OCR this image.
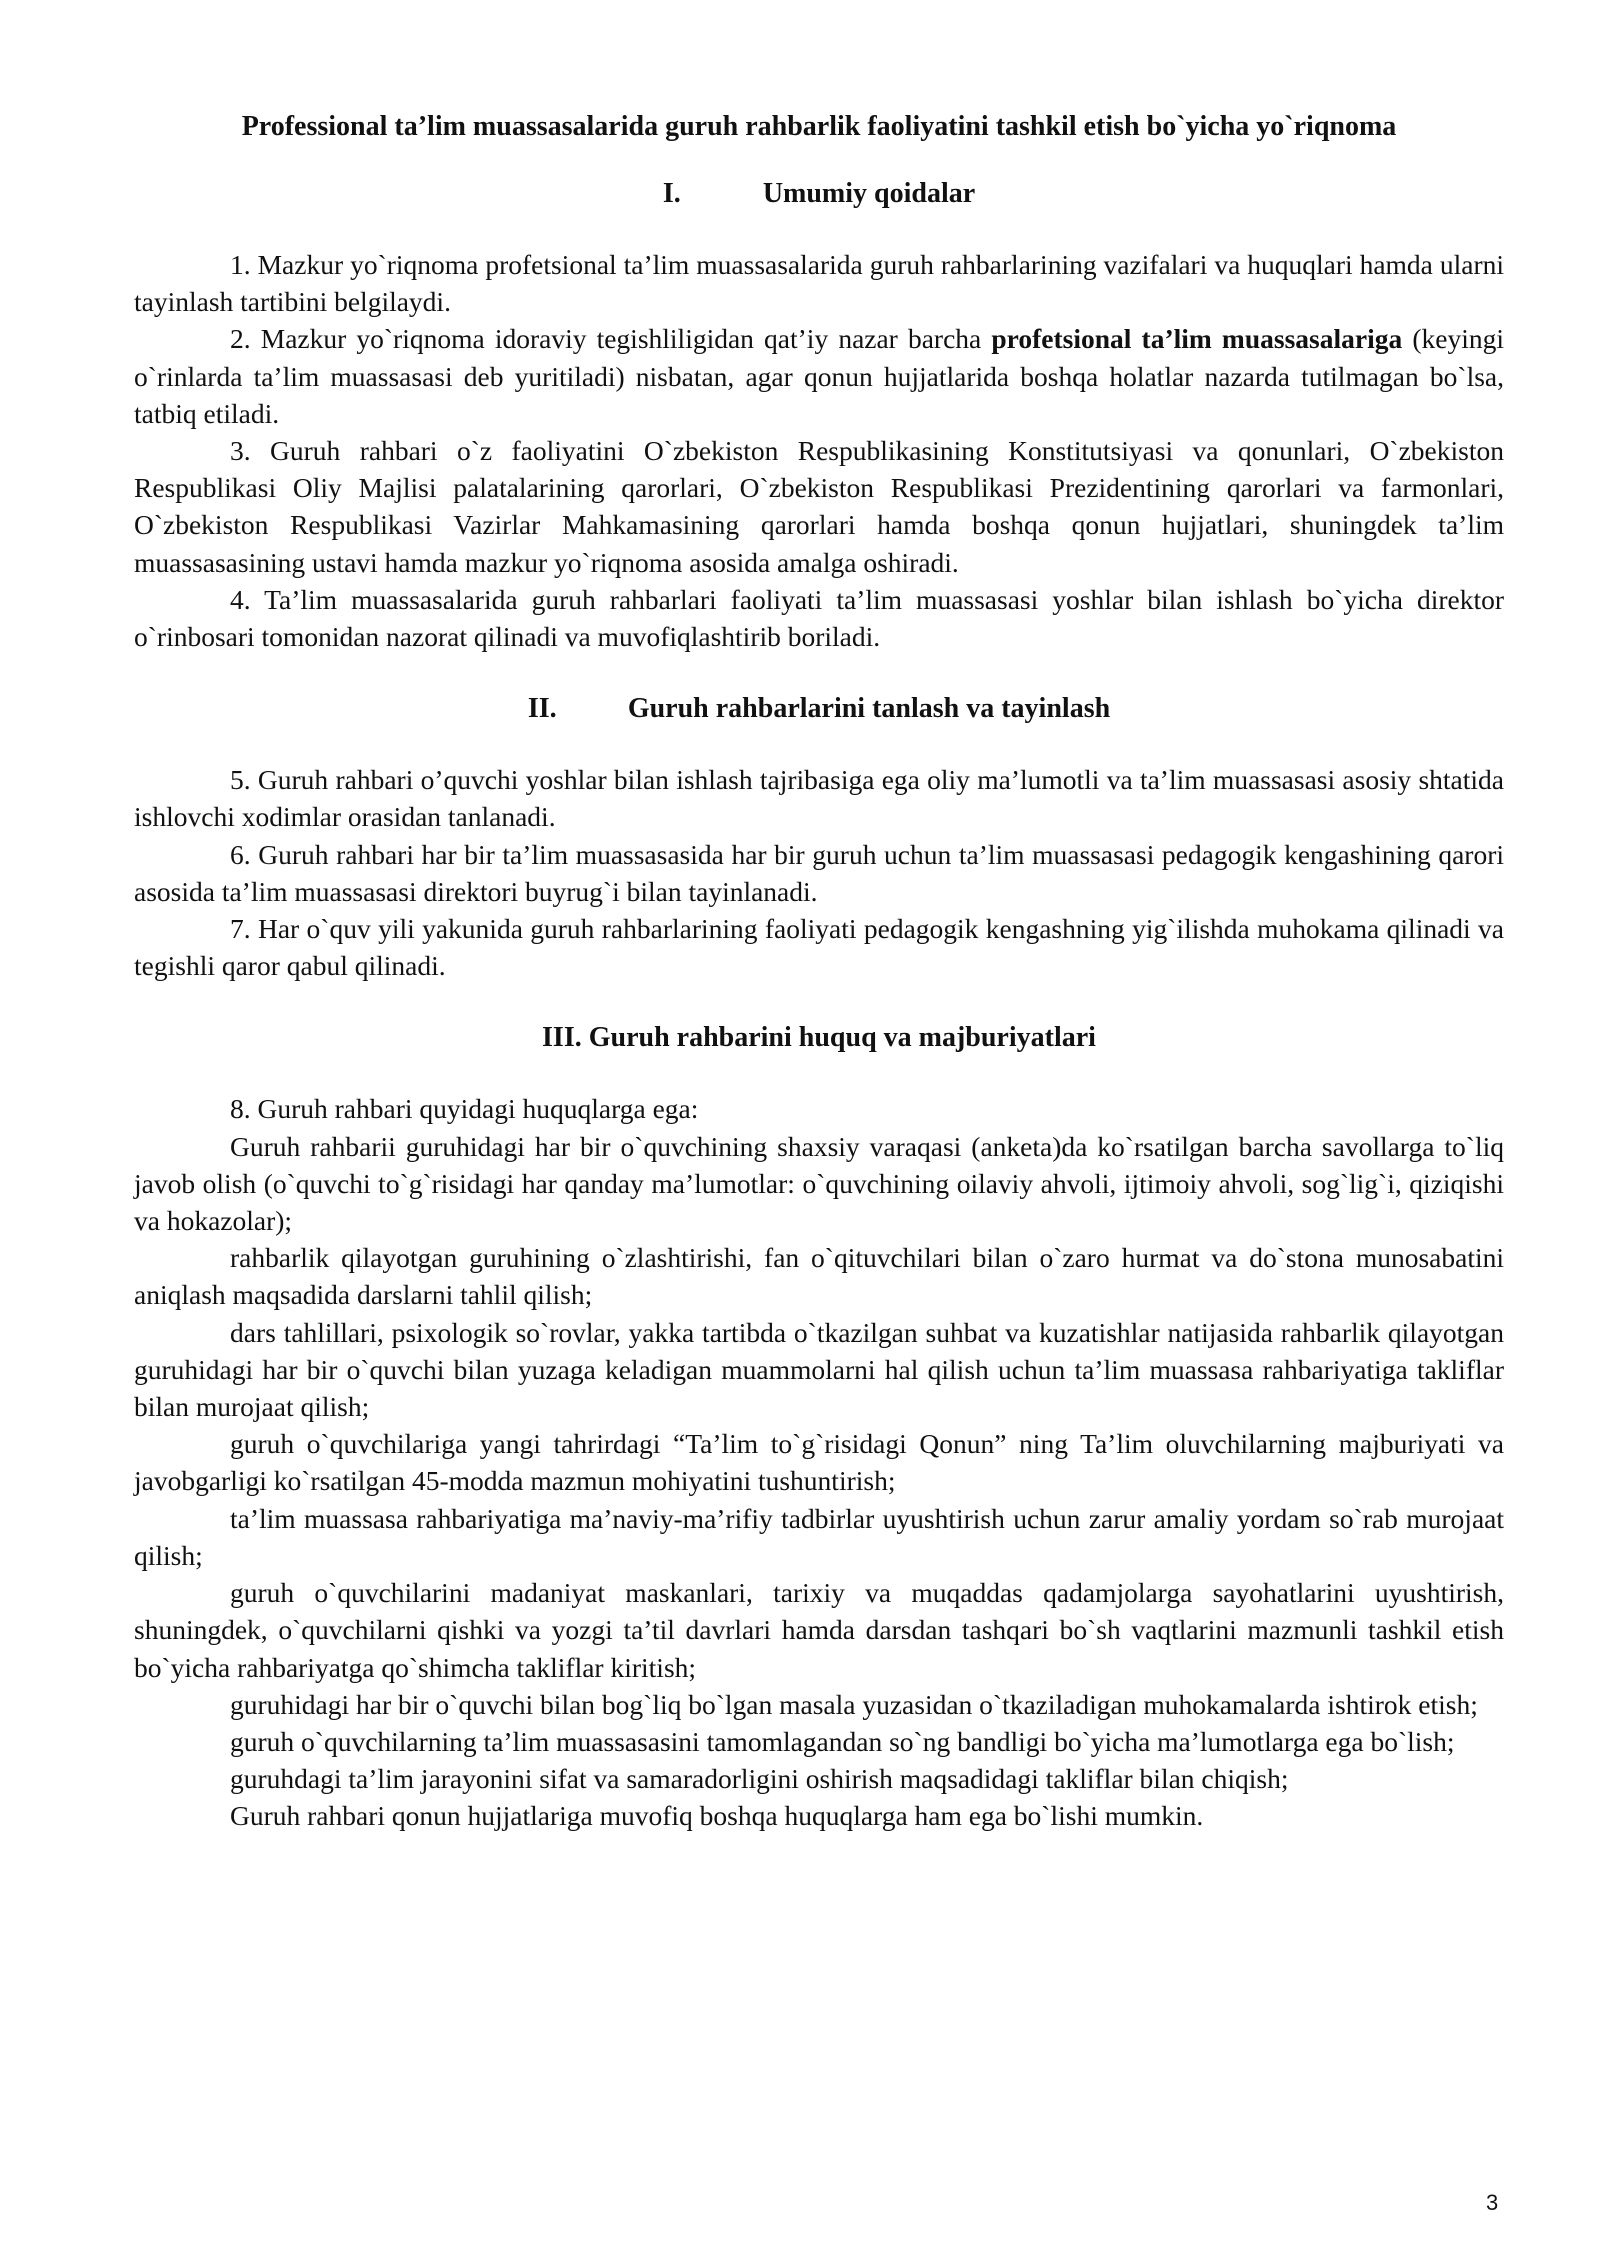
Professional ta’lim muassasalarida guruh rahbarlik faoliyatini tashkil etish bo`yicha yo`riqnoma

I.	Umumiy qoidalar

1. Mazkur yo`riqnoma profetsional ta’lim muassasalarida guruh rahbarlarining vazifalari va huquqlari hamda ularni tayinlash tartibini belgilaydi.

2. Mazkur yo`riqnoma idoraviy tegishliligidan qat’iy nazar barcha profetsional ta’lim muassasalariga (keyingi o`rinlarda ta’lim muassasasi deb yuritiladi) nisbatan, agar qonun hujjatlarida boshqa holatlar nazarda tutilmagan bo`lsa, tatbiq etiladi.

3. Guruh rahbari o`z faoliyatini O`zbekiston Respublikasining Konstitutsiyasi va qonunlari, O`zbekiston Respublikasi Oliy Majlisi palatalarining qarorlari, O`zbekiston Respublikasi Prezidentining qarorlari va farmonlari, O`zbekiston Respublikasi Vazirlar Mahkamasining qarorlari hamda boshqa qonun hujjatlari, shuningdek ta’lim muassasasining ustavi hamda mazkur yo`riqnoma asosida amalga oshiradi.

4. Ta’lim muassasalarida guruh rahbarlari faoliyati ta’lim muassasasi yoshlar bilan ishlash bo`yicha direktor o`rinbosari tomonidan nazorat qilinadi va muvofiqlashtirib boriladi.

II.	Guruh rahbarlarini tanlash va tayinlash

5. Guruh rahbari o’quvchi yoshlar bilan ishlash tajribasiga ega oliy ma’lumotli va ta’lim muassasasi asosiy shtatida ishlovchi xodimlar orasidan tanlanadi.

6. Guruh rahbari har bir ta’lim muassasasida har bir guruh uchun ta’lim muassasasi pedagogik kengashining qarori asosida ta’lim muassasasi direktori buyrug`i bilan tayinlanadi.

7. Har o`quv yili yakunida guruh rahbarlarining faoliyati pedagogik kengashning yig`ilishda muhokama qilinadi va tegishli qaror qabul qilinadi.

III. Guruh rahbarini huquq va majburiyatlari

8. Guruh rahbari quyidagi huquqlarga ega:

Guruh rahbarii guruhidagi har bir o`quvchining shaxsiy varaqasi (anketa)da ko`rsatilgan barcha savollarga to`liq javob olish (o`quvchi to`g`risidagi har qanday ma’lumotlar: o`quvchining oilaviy ahvoli, ijtimoiy ahvoli, sog`lig`i, qiziqishi va hokazolar);

rahbarlik qilayotgan guruhining o`zlashtirishi, fan o`qituvchilari bilan o`zaro hurmat va do`stona munosabatini aniqlash maqsadida darslarni tahlil qilish;

dars tahlillari, psixologik so`rovlar, yakka tartibda o`tkazilgan suhbat va kuzatishlar natijasida rahbarlik qilayotgan guruhidagi har bir o`quvchi bilan yuzaga keladigan muammolarni hal qilish uchun ta’lim muassasa rahbariyatiga takliflar bilan murojaat qilish;

guruh o`quvchilariga yangi tahrirdagi “Ta’lim to`g`risidagi Qonun” ning Ta’lim oluvchilarning majburiyati va javobgarligi ko`rsatilgan 45-modda mazmun mohiyatini tushuntirish;

ta’lim muassasa rahbariyatiga ma’naviy-ma’rifiy tadbirlar uyushtirish uchun zarur amaliy yordam so`rab murojaat qilish;

guruh o`quvchilarini madaniyat maskanlari, tarixiy va muqaddas qadamjolarga sayohatlarini uyushtirish, shuningdek, o`quvchilarni qishki va yozgi ta’til davrlari hamda darsdan tashqari bo`sh vaqtlarini mazmunli tashkil etish bo`yicha rahbariyatga qo`shimcha takliflar kiritish;

guruhidagi har bir o`quvchi bilan bog`liq bo`lgan masala yuzasidan o`tkaziladigan muhokamalarda ishtirok etish;

guruh o`quvchilarning ta’lim muassasasini tamomlagandan so`ng bandligi bo`yicha ma’lumotlarga ega bo`lish;

guruhdagi ta’lim jarayonini sifat va samaradorligini oshirish maqsadidagi takliflar bilan chiqish;

Guruh rahbari qonun hujjatlariga muvofiq boshqa huquqlarga ham ega bo`lishi mumkin.

3
